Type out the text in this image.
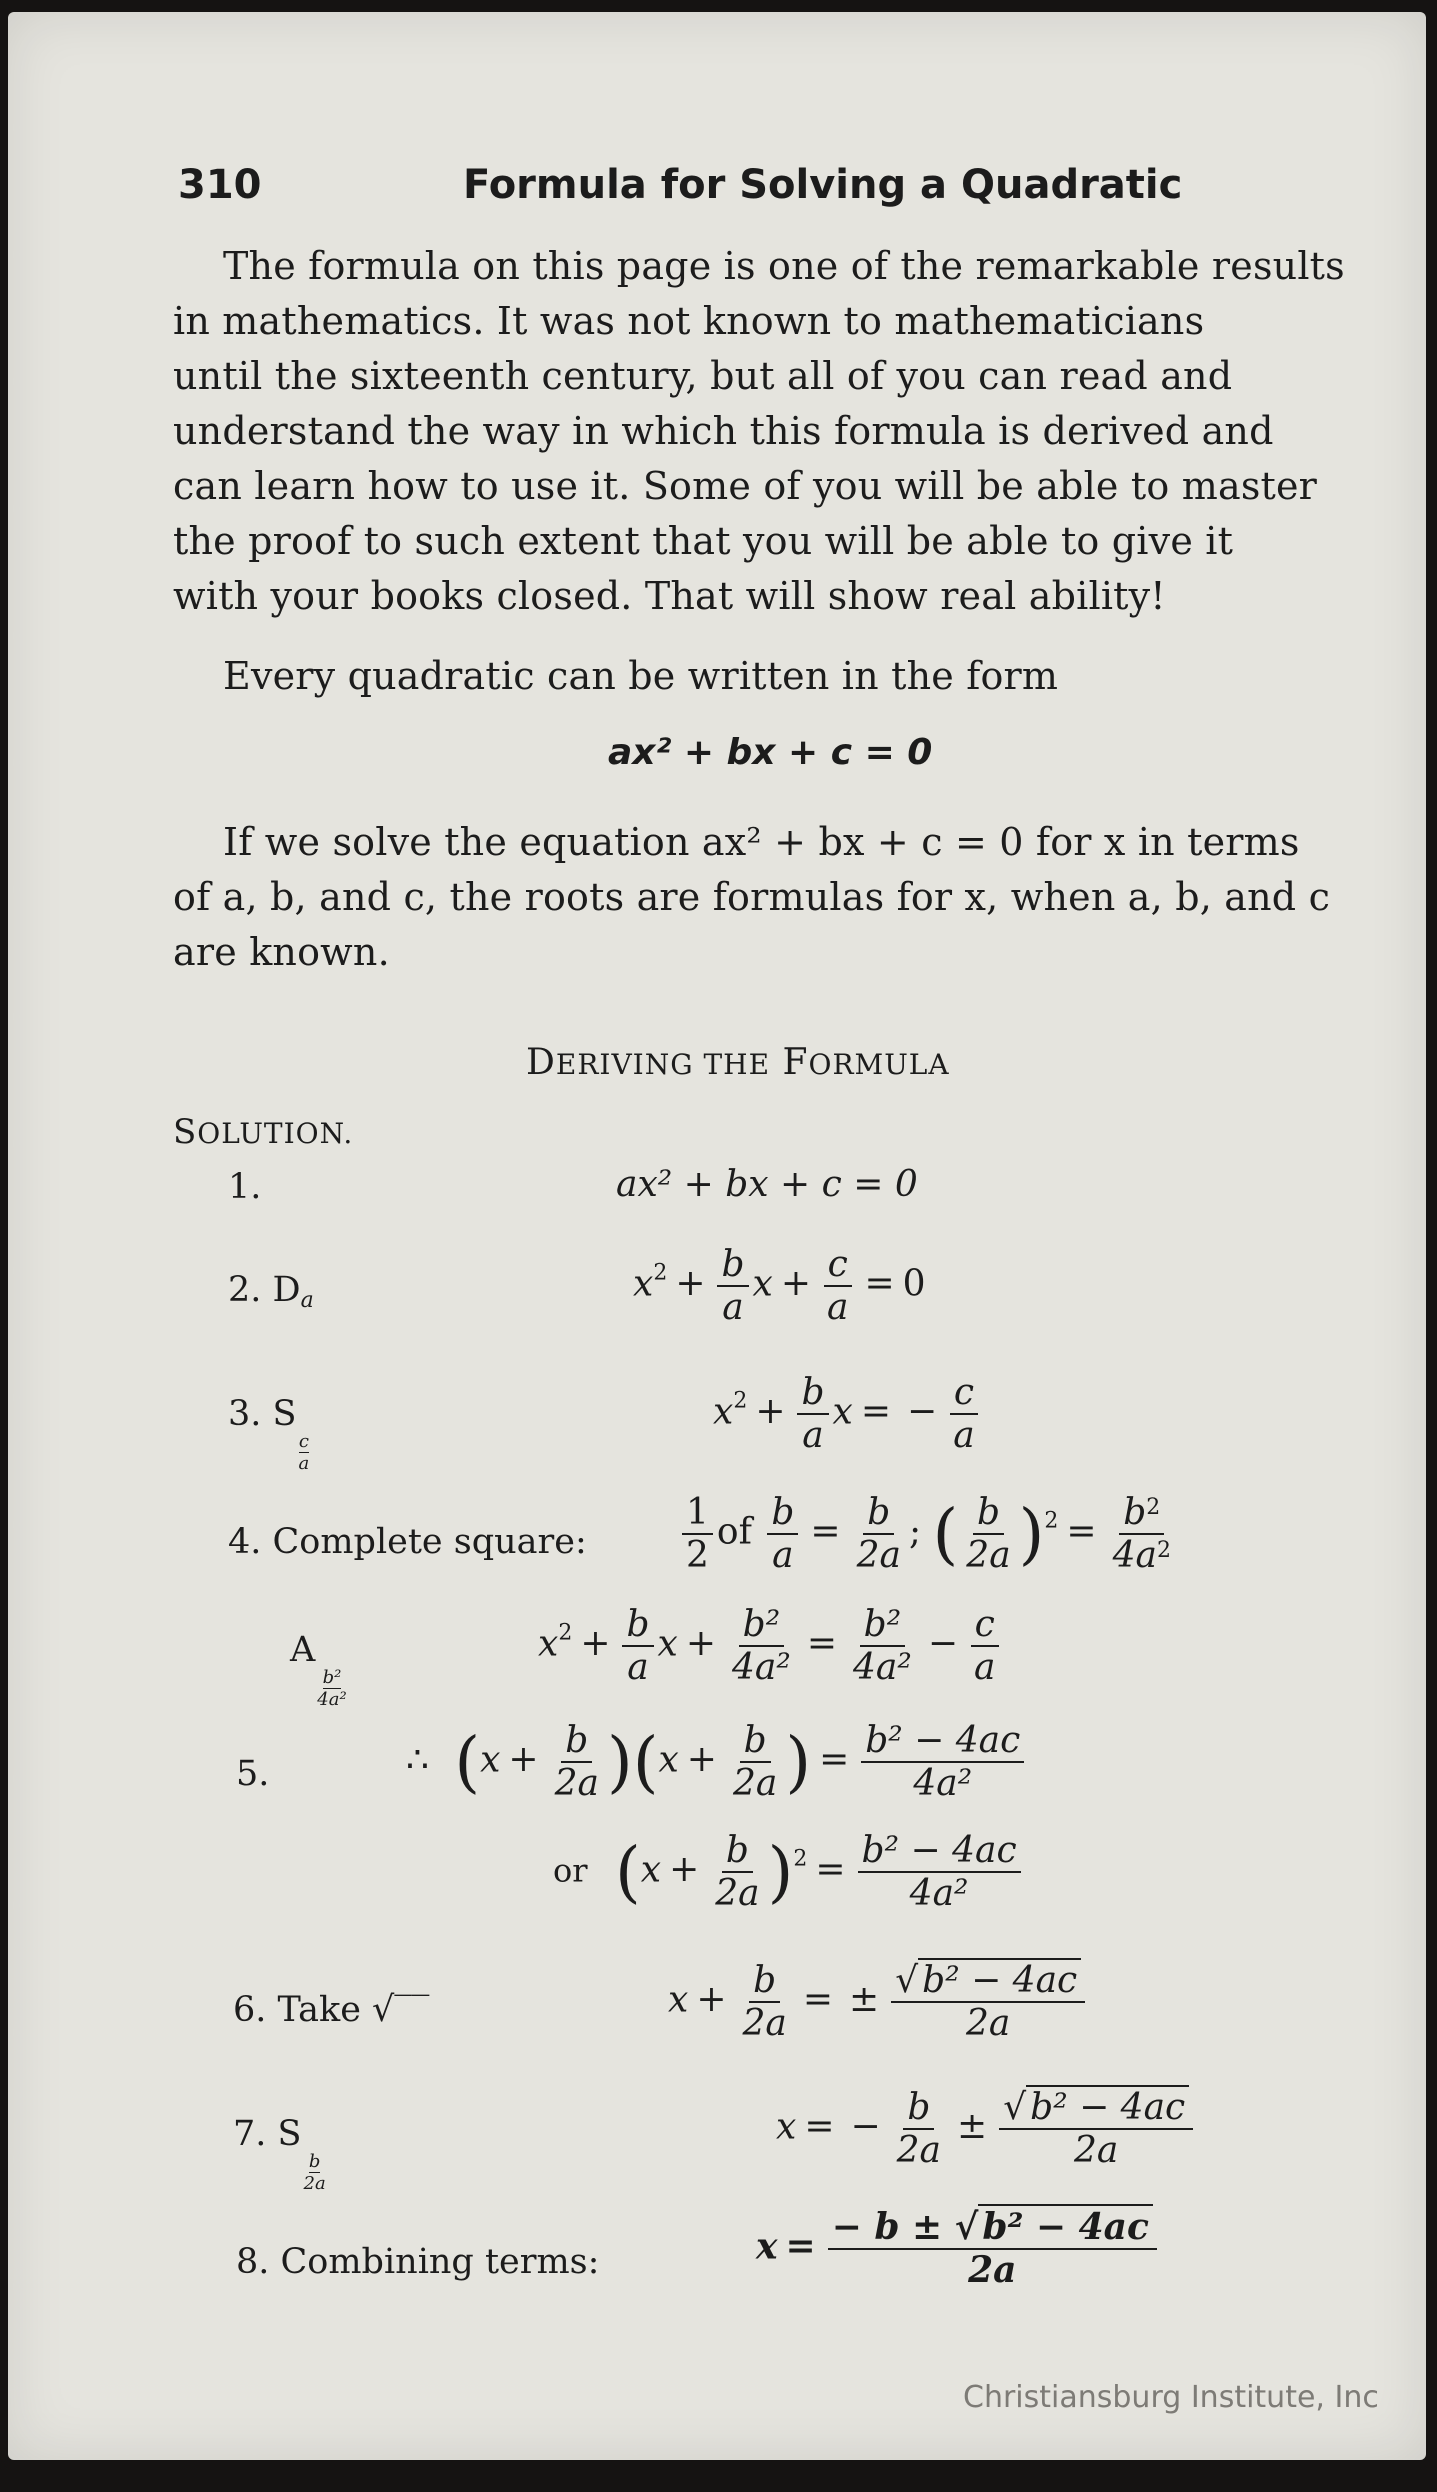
310	Formula for Solving a Quadratic
The formula on this page is one of the remarkable results
in mathematics. It was not known to mathematicians
until the sixteenth century, but all of you can read and
understand the way in which this formula is derived and
can learn how to use it. Some of you will be able to master
the proof to such extent that you will be able to give it
with your books closed. That will show real ability!
Every quadratic can be written in the form
ax² + bx + c = 0
If we solve the equation ax² + bx + c = 0 for x in terms
of a, b, and c, the roots are formulas for x, when a, b, and c
are known.
DERIVING THE FORMULA
SOLUTION.
1.	ax² + bx + c = 0
2. $D_a$	$x^2 + \frac{b}{a}$ $x + \frac{c}{a} = 0$
3. S
$\frac{c}{a}$
$x^2 + \frac{b}{a}$ x = − $\frac{c}{a}$
4. Complete square:	$\frac{1}{2}$ of $\frac{b}{a} = \frac{b}{2a}$ ; ( $\frac{b}{2a} )^2 = \frac{b^2}{4a^2}$
A
$\frac{\text{b²}}{\text{4a²}}$
$x^2 + \frac{b}{a}$ $x + \frac{\text{b²}}{\text{4a²}} = \frac{\text{b²}}{\text{4a²}} - \frac{c}{a}$
5.	∴ $(x + \frac{b}{2a} )(x + \frac{b}{2a}$ ) = $\frac{\text{b² − 4ac}}{\text{4a²}}$
or $(x + \frac{b}{2a} )^2 = \frac{\text{b² − 4ac}}{\text{4a²}}$
6. Take √‾‾	$x + \frac{b}{2a}$ = ± $\frac{\text{√ b² − 4ac}}{2a}$
7. S
$\frac{b}{2a}$
x = − $\frac{b}{2a} \pm \frac{\text{√ b² − 4ac}}{2a}$
8. Combining terms:	$x = \frac{\text{− b ± √ b² − 4ac}}{2a}$
Christiansburg Institute, Inc
